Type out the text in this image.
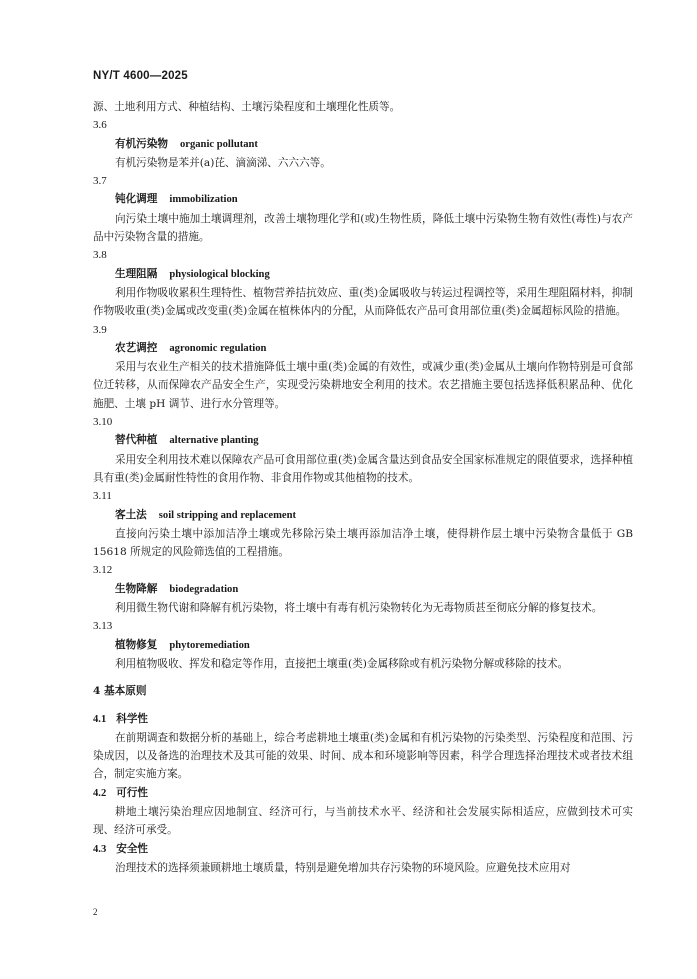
NY/T 4600—2025
源、土地利用方式、种植结构、土壤污染程度和土壤理化性质等。
3.6
有机污染物 organic pollutant
有机污染物是苯并(a)芘、滴滴涕、六六六等。
3.7
钝化调理 immobilization
向污染土壤中施加土壤调理剂，改善土壤物理化学和(或)生物性质，降低土壤中污染物生物有效性(毒性)与农产品中污染物含量的措施。
3.8
生理阻隔 physiological blocking
利用作物吸收累积生理特性、植物营养拮抗效应、重(类)金属吸收与转运过程调控等，采用生理阻隔材料，抑制作物吸收重(类)金属或改变重(类)金属在植株体内的分配，从而降低农产品可食用部位重(类)金属超标风险的措施。
3.9
农艺调控 agronomic regulation
采用与农业生产相关的技术措施降低土壤中重(类)金属的有效性，或减少重(类)金属从土壤向作物特别是可食部位迁转移，从而保障农产品安全生产，实现受污染耕地安全利用的技术。农艺措施主要包括选择低积累品种、优化施肥、土壤 pH 调节、进行水分管理等。
3.10
替代种植 alternative planting
采用安全利用技术难以保障农产品可食用部位重(类)金属含量达到食品安全国家标准规定的限值要求，选择种植具有重(类)金属耐性特性的食用作物、非食用作物或其他植物的技术。
3.11
客土法 soil stripping and replacement
直接向污染土壤中添加洁净土壤或先移除污染土壤再添加洁净土壤，使得耕作层土壤中污染物含量低于 GB 15618 所规定的风险筛选值的工程措施。
3.12
生物降解 biodegradation
利用微生物代谢和降解有机污染物，将土壤中有毒有机污染物转化为无毒物质甚至彻底分解的修复技术。
3.13
植物修复 phytoremediation
利用植物吸收、挥发和稳定等作用，直接把土壤重(类)金属移除或有机污染物分解或移除的技术。
4 基本原则
4.1 科学性
在前期调查和数据分析的基础上，综合考虑耕地土壤重(类)金属和有机污染物的污染类型、污染程度和范围、污染成因，以及备选的治理技术及其可能的效果、时间、成本和环境影响等因素，科学合理选择治理技术或者技术组合，制定实施方案。
4.2 可行性
耕地土壤污染治理应因地制宜、经济可行，与当前技术水平、经济和社会发展实际相适应，应做到技术可实现、经济可承受。
4.3 安全性
治理技术的选择须兼顾耕地土壤质量，特别是避免增加共存污染物的环境风险。应避免技术应用对
2
